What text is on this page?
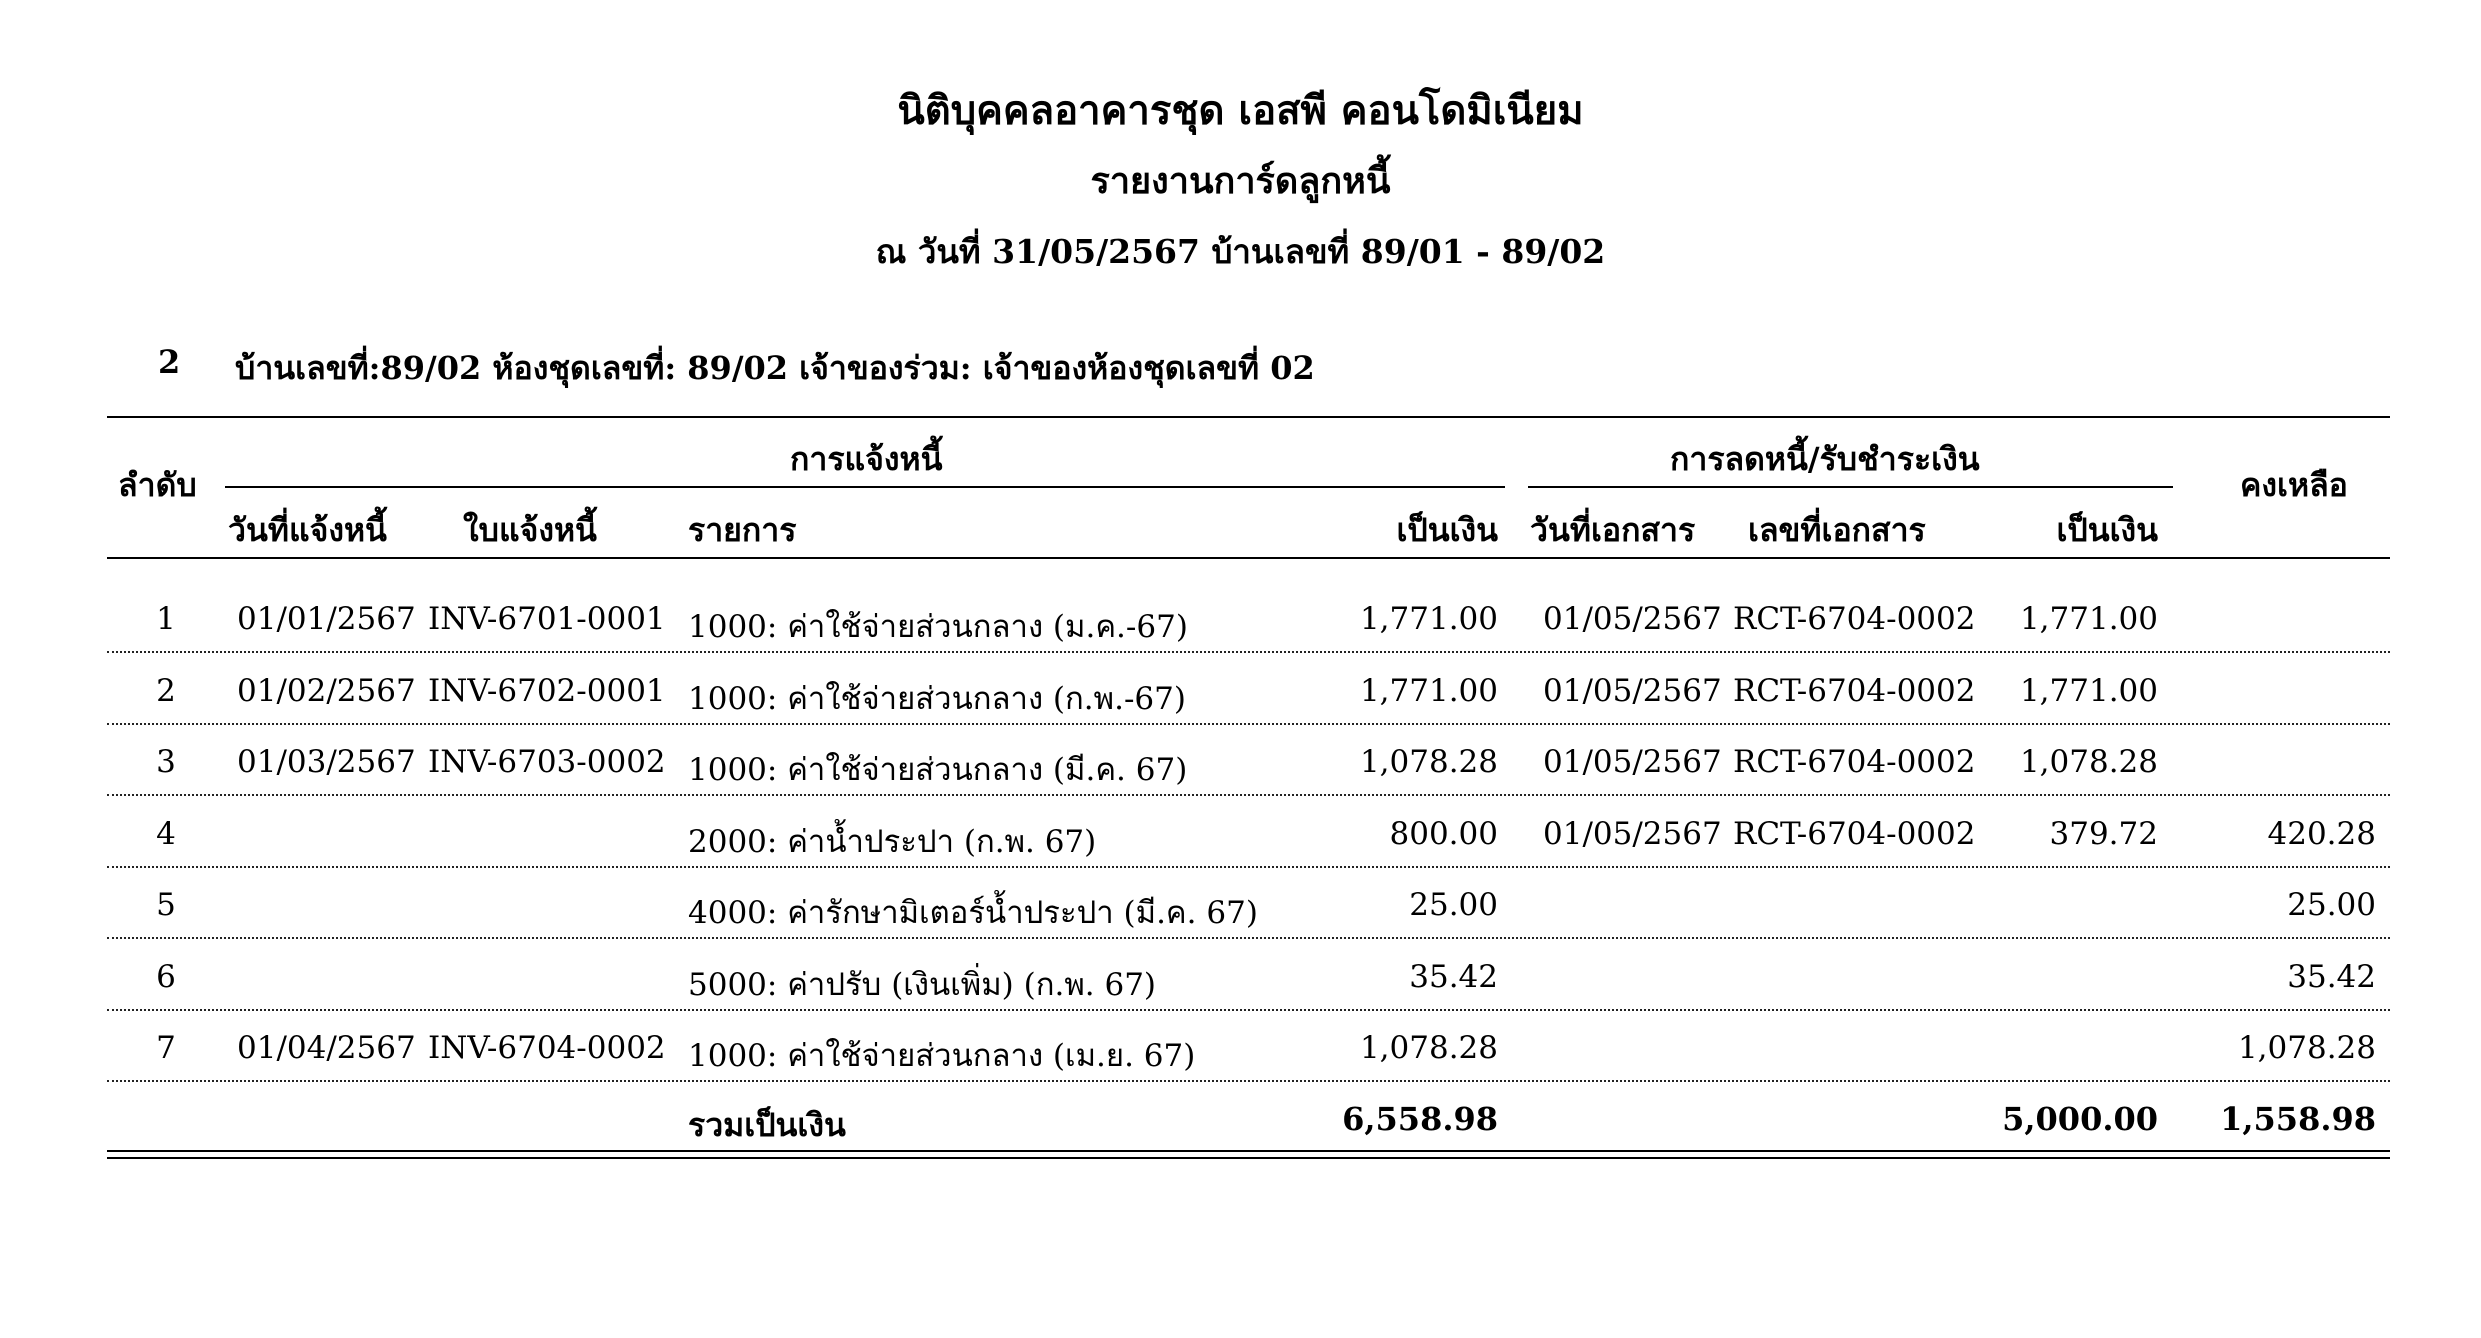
นิติบุคคลอาคารชุด เอสพี คอนโดมิเนียม
รายงานการ์ดลูกหนี้
ณ วันที่ 31/05/2567 บ้านเลขที่ 89/01 - 89/02
2 บ้านเลขที่:89/02 ห้องชุดเลขที่: 89/02 เจ้าของร่วม: เจ้าของห้องชุดเลขที่ 02
ลำดับ
การแจ้งหนี้	การลดหนี้/รับชำระเงิน
คงเหลือ
วันที่แจ้งหนี้ ใบแจ้งหนี้	รายการ	เป็นเงิน วันที่เอกสาร เลขที่เอกสาร	เป็นเงิน
1 01/01/2567 INV-6701-0001 1000: ค่าใช้จ่ายส่วนกลาง (ม.ค.-67)	1,771.00 01/05/2567 RCT-6704-0002 1,771.00
2 01/02/2567 INV-6702-0001 1000: ค่าใช้จ่ายส่วนกลาง (ก.พ.-67)	1,771.00 01/05/2567 RCT-6704-0002 1,771.00
3 01/03/2567 INV-6703-0002 1000: ค่าใช้จ่ายส่วนกลาง (มี.ค. 67)	1,078.28 01/05/2567 RCT-6704-0002 1,078.28
4	2000: ค่าน้ำประปา (ก.พ. 67)	800.00 01/05/2567 RCT-6704-0002 379.72	420.28
5	4000: ค่ารักษามิเตอร์น้ำประปา (มี.ค. 67)	25.00	25.00
6	5000: ค่าปรับ (เงินเพิ่ม) (ก.พ. 67)	35.42	35.42
7 01/04/2567 INV-6704-0002 1000: ค่าใช้จ่ายส่วนกลาง (เม.ย. 67)	1,078.28	1,078.28
รวมเป็นเงิน	6,558.98	5,000.00 1,558.98
